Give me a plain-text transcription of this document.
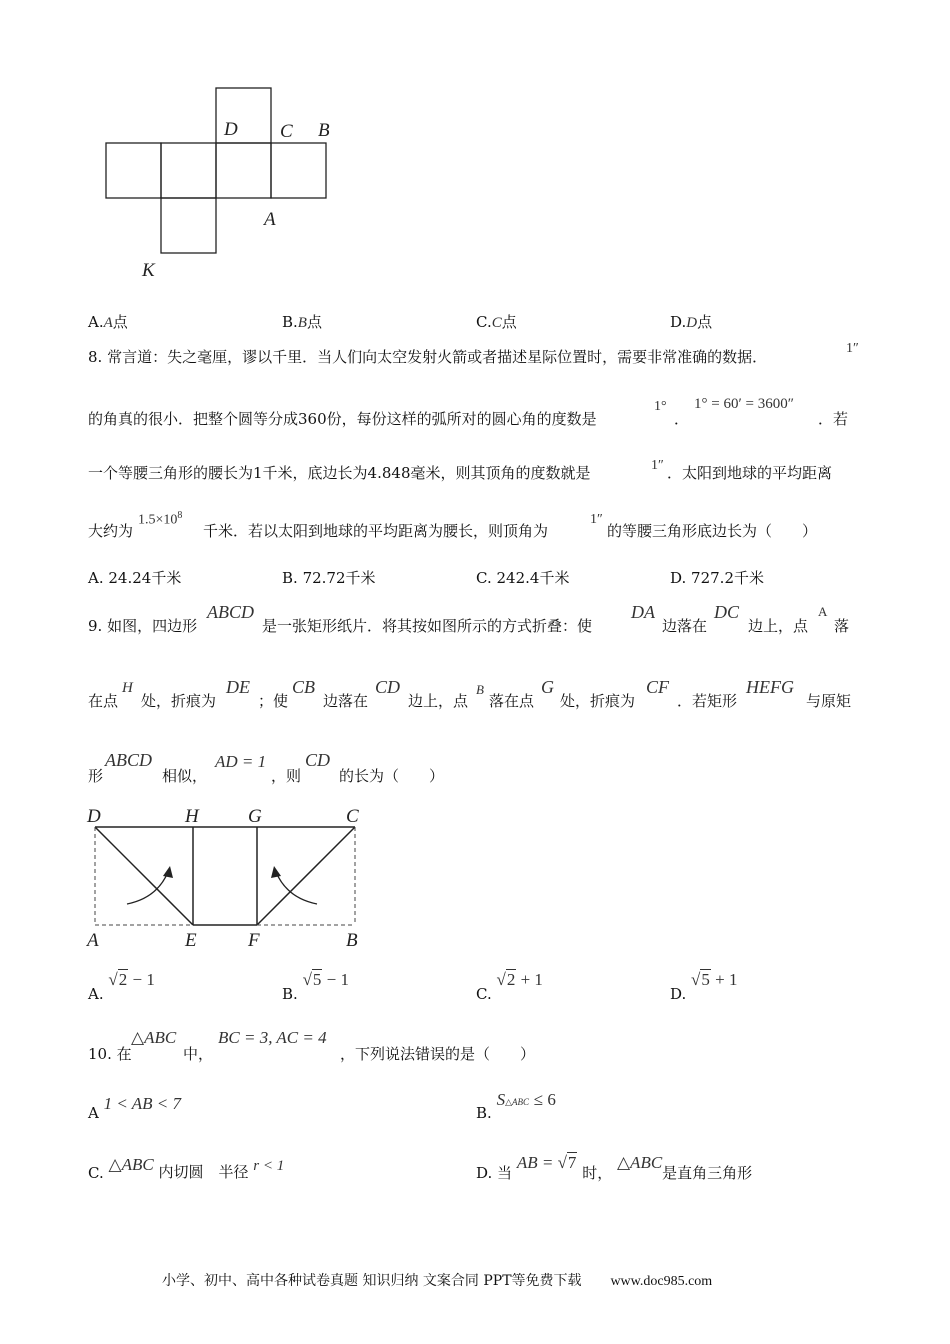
D C B
A
K
A.A点	B.B点	C.C点	D.D点
8. 常言道：失之毫厘，谬以千里．当人们向太空发射火箭或者描述星际位置时，需要非常准确的数据．	1″
的角真的很小．把整个圆等分成360份，每份这样的弧所对的圆心角的度数是
1°
．
1° = 60′ = 3600″
．若
一个等腰三角形的腰长为1千米，底边长为4.848毫米，则其顶角的度数就是	1″ ．太阳到地球的平均距离
大约为
$1.5\times 10^8$
千米．若以太阳到地球的平均距离为腰长，则顶角为
1″
的等腰三角形底边长为（　　）
A. 24.24千米	B. 72.72千米	C. 242.4千米	D. 727.2千米
9. 如图，四边形
ABCD
是一张矩形纸片．将其按如图所示的方式折叠：使
DA
边落在
DC
边上，点
A
落
在点
H
处，折痕为
DE
；使
CB
边落在
CD
边上，点
B
落在点
G
处，折痕为
CF
．若矩形
HEFG
与原矩
形
ABCD
相似，
AD = 1
，则
CD
的长为（　　）
D	H	G	C
A	E	F	B
A. √2 − 1
B. √5 − 1
C. √2 + 1
D. √5 + 1
10. 在
△ABC
中，
BC = 3, AC = 4
，下列说法错误的是（　　）
A 1 < AB < 7	B. S△ABC ≤ 6
C. △ABC 内切圆　半径 r < 1	D. 当 AB = √7 时， △ABC是直角三角形
小学、初中、高中各种试卷真题 知识归纳 文案合同 PPT等免费下载 www.doc985.com
